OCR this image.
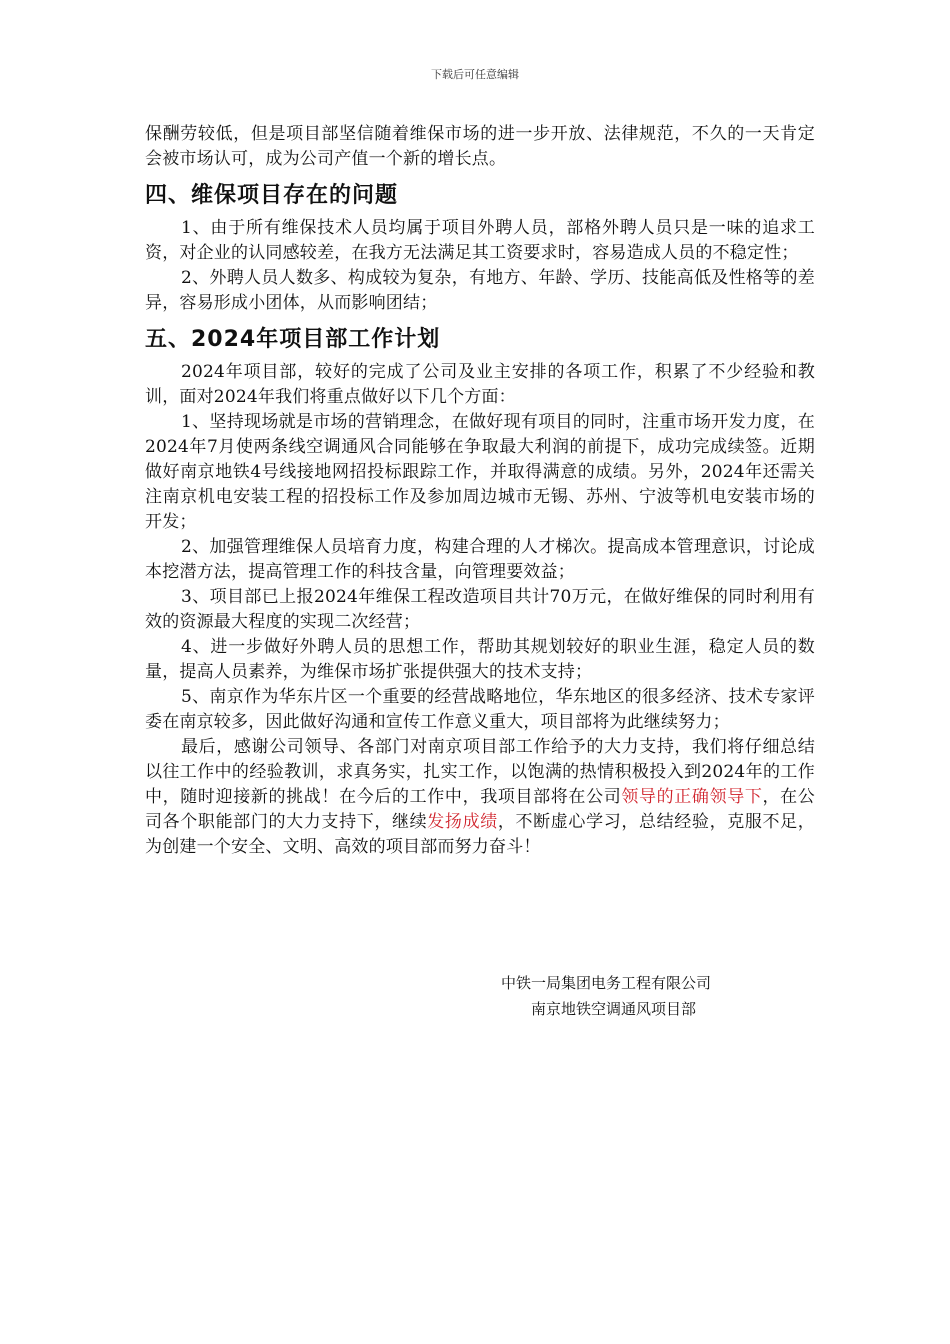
下载后可任意编辑

保酬劳较低，但是项目部坚信随着维保市场的进一步开放、法律规范，不久的一天肯定会被市场认可，成为公司产值一个新的增长点。

四、维保项目存在的问题

1、由于所有维保技术人员均属于项目外聘人员，部格外聘人员只是一味的追求工资，对企业的认同感较差，在我方无法满足其工资要求时，容易造成人员的不稳定性；

2、外聘人员人数多、构成较为复杂，有地方、年龄、学历、技能高低及性格等的差异，容易形成小团体，从而影响团结；

五、2024年项目部工作计划

2024年项目部，较好的完成了公司及业主安排的各项工作，积累了不少经验和教训，面对2024年我们将重点做好以下几个方面：

1、坚持现场就是市场的营销理念，在做好现有项目的同时，注重市场开发力度，在2024年7月使两条线空调通风合同能够在争取最大利润的前提下，成功完成续签。近期做好南京地铁4号线接地网招投标跟踪工作，并取得满意的成绩。另外，2024年还需关注南京机电安装工程的招投标工作及参加周边城市无锡、苏州、宁波等机电安装市场的开发；

2、加强管理维保人员培育力度，构建合理的人才梯次。提高成本管理意识，讨论成本挖潜方法，提高管理工作的科技含量，向管理要效益；

3、项目部已上报2024年维保工程改造项目共计70万元，在做好维保的同时利用有效的资源最大程度的实现二次经营；

4、进一步做好外聘人员的思想工作，帮助其规划较好的职业生涯，稳定人员的数量，提高人员素养，为维保市场扩张提供强大的技术支持；

5、南京作为华东片区一个重要的经营战略地位，华东地区的很多经济、技术专家评委在南京较多，因此做好沟通和宣传工作意义重大，项目部将为此继续努力；

最后，感谢公司领导、各部门对南京项目部工作给予的大力支持，我们将仔细总结以往工作中的经验教训，求真务实，扎实工作，以饱满的热情积极投入到2024年的工作中，随时迎接新的挑战！在今后的工作中，我项目部将在公司领导的正确领导下，在公司各个职能部门的大力支持下，继续发扬成绩，不断虚心学习，总结经验，克服不足，为创建一个安全、文明、高效的项目部而努力奋斗！

中铁一局集团电务工程有限公司
南京地铁空调通风项目部
